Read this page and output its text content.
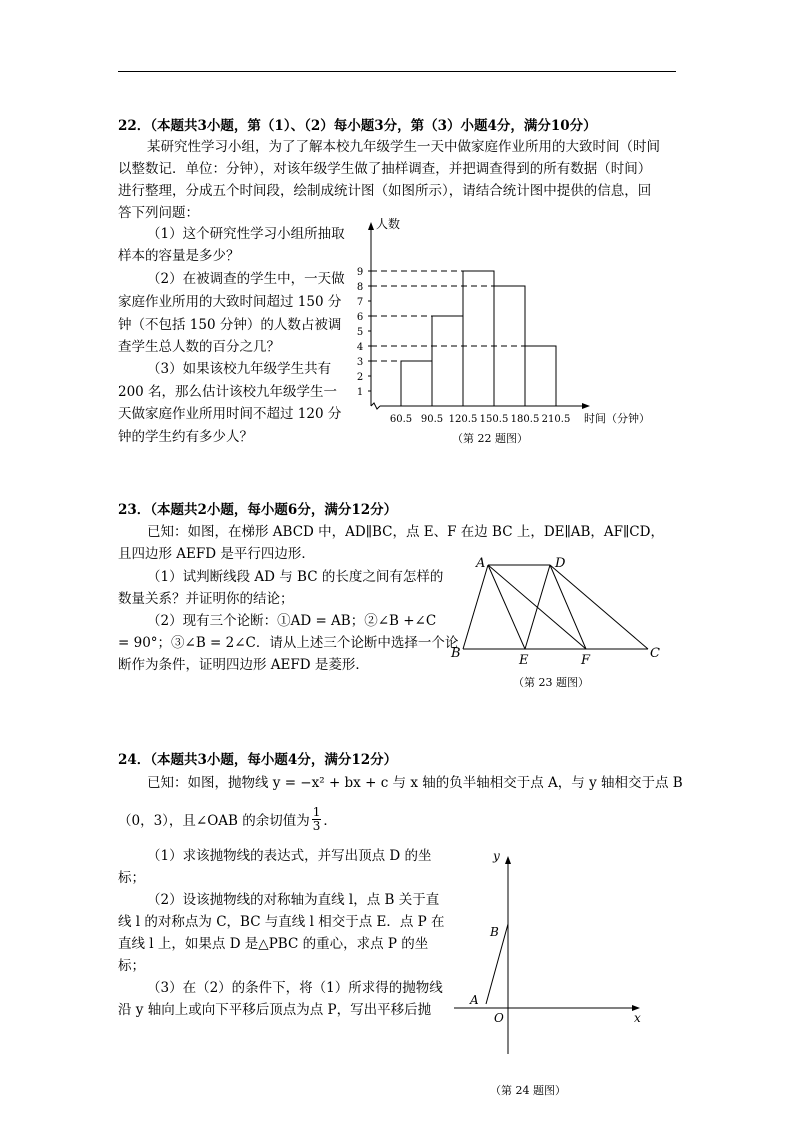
22．（本题共3小题，第（1）、（2）每小题3分，第（3）小题4分，满分10分）
某研究性学习小组，为了了解本校九年级学生一天中做家庭作业所用的大致时间（时间
以整数记．单位：分钟），对该年级学生做了抽样调查，并把调查得到的所有数据（时间）
进行整理，分成五个时间段，绘制成统计图（如图所示），请结合统计图中提供的信息，回
答下列问题：
（1）这个研究性学习小组所抽取
样本的容量是多少？
（2）在被调查的学生中，一天做
家庭作业所用的大致时间超过 150 分
钟（不包括 150 分钟）的人数占被调
查学生总人数的百分之几？
（3）如果该校九年级学生共有
200 名，那么估计该校九年级学生一
天做家庭作业所用时间不超过 120 分
钟的学生约有多少人？
1
2
3
4
5
6
7
8
9
60.5 90.5 120.5 150.5 180.5 210.5
人数
时间（分钟）
（第 22 题图）
23．（本题共2小题，每小题6分，满分12分）
已知：如图，在梯形 ABCD 中，AD∥BC，点 E、F 在边 BC 上，DE∥AB，AF∥CD，
且四边形 AEFD 是平行四边形．
（1）试判断线段 AD 与 BC 的长度之间有怎样的
数量关系？并证明你的结论；
（2）现有三个论断：①AD = AB；②∠B +∠C
= 90°；③∠B = 2∠C．请从上述三个论断中选择一个论
断作为条件，证明四边形 AEFD 是菱形．
A	D
B	E	F	C
（第 23 题图）
24．（本题共3小题，每小题4分，满分12分）
已知：如图，抛物线 y = −x² + bx + c 与 x 轴的负半轴相交于点 A，与 y 轴相交于点 B
（0，3），且∠OAB 的余切值为 $\frac{1}{3}$ ．
（1）求该抛物线的表达式，并写出顶点 D 的坐
标；
（2）设该抛物线的对称轴为直线 l，点 B 关于直
线 l 的对称点为 C，BC 与直线 l 相交于点 E．点 P 在
直线 l 上，如果点 D 是△PBC 的重心，求点 P 的坐
标；
（3）在（2）的条件下，将（1）所求得的抛物线
沿 y 轴向上或向下平移后顶点为点 P，写出平移后抛
y
x
B
A
O
（第 24 题图）
